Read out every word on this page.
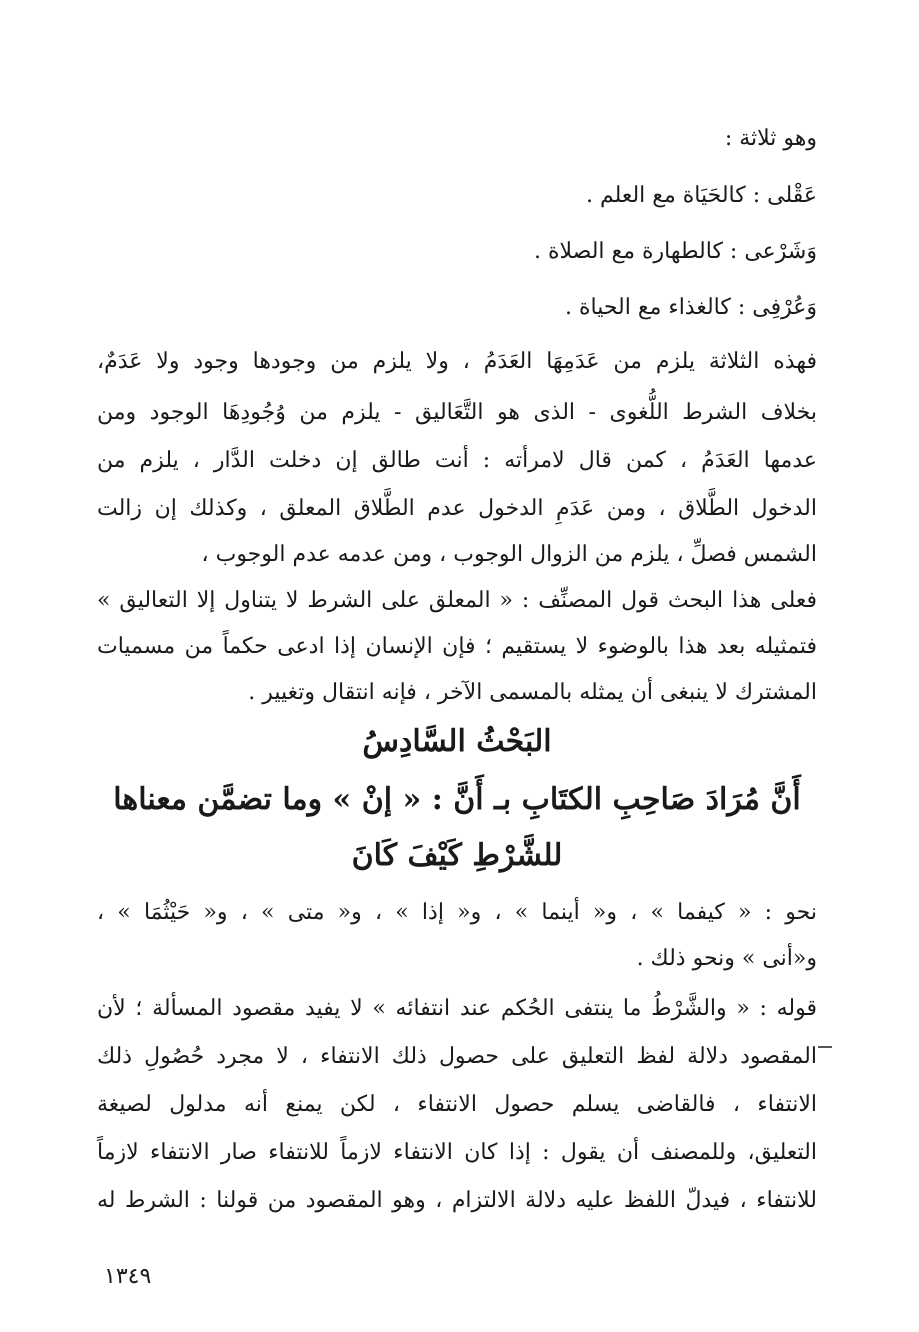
وهو ثلاثة :
عَقْلى : كالحَيَاة مع العلم .
وَشَرْعى : كالطهارة مع الصلاة .
وَعُرْفِى : كالغذاء مع الحياة .
فهذه الثلاثة يلزم من عَدَمِهَا العَدَمُ ، ولا يلزم من وجودها وجود ولا عَدَمٌ،
بخلاف الشرط اللُّغوى - الذى هو التَّعَاليق - يلزم من وُجُودِهَا الوجود ومن
عدمها العَدَمُ ، كمن قال لامرأته : أنت طالق إن دخلت الدَّار ، يلزم من
الدخول الطَّلاق ، ومن عَدَمِ الدخول عدم الطَّلاق المعلق ، وكذلك إن زالت
الشمس فصلِّ ، يلزم من الزوال الوجوب ، ومن عدمه عدم الوجوب ،
فعلى هذا البحث قول المصنِّف : « المعلق على الشرط لا يتناول إلا التعاليق »
فتمثيله بعد هذا بالوضوء لا يستقيم ؛ فإن الإنسان إذا ادعى حكماً من مسميات
المشترك لا ينبغى أن يمثله بالمسمى الآخر ، فإنه انتقال وتغيير .
البَحْثُ السَّادِسُ
أَنَّ مُرَادَ صَاحِبِ الكتَابِ بـ أَنَّ : « إنْ » وما تضمَّن معناها
للشَّرْطِ كَيْفَ كَانَ
نحو : « كيفما » ، و« أينما » ، و« إذا » ، و« متى » ، و« حَيْثُمَا » ،
و«أنى » ونحو ذلك .
قوله : « والشَّرْطُ ما ينتفى الحُكم عند انتفائه » لا يفيد مقصود المسألة ؛ لأن
المقصود دلالة لفظ التعليق على حصول ذلك الانتفاء ، لا مجرد حُصُولِ ذلك
الانتفاء ، فالقاضى يسلم حصول الانتفاء ، لكن يمنع أنه مدلول لصيغة
التعليق، وللمصنف أن يقول : إذا كان الانتفاء لازماً للانتفاء صار الانتفاء لازماً
للانتفاء ، فيدلّ اللفظ عليه دلالة الالتزام ، وهو المقصود من قولنا : الشرط له
١٣٤٩
